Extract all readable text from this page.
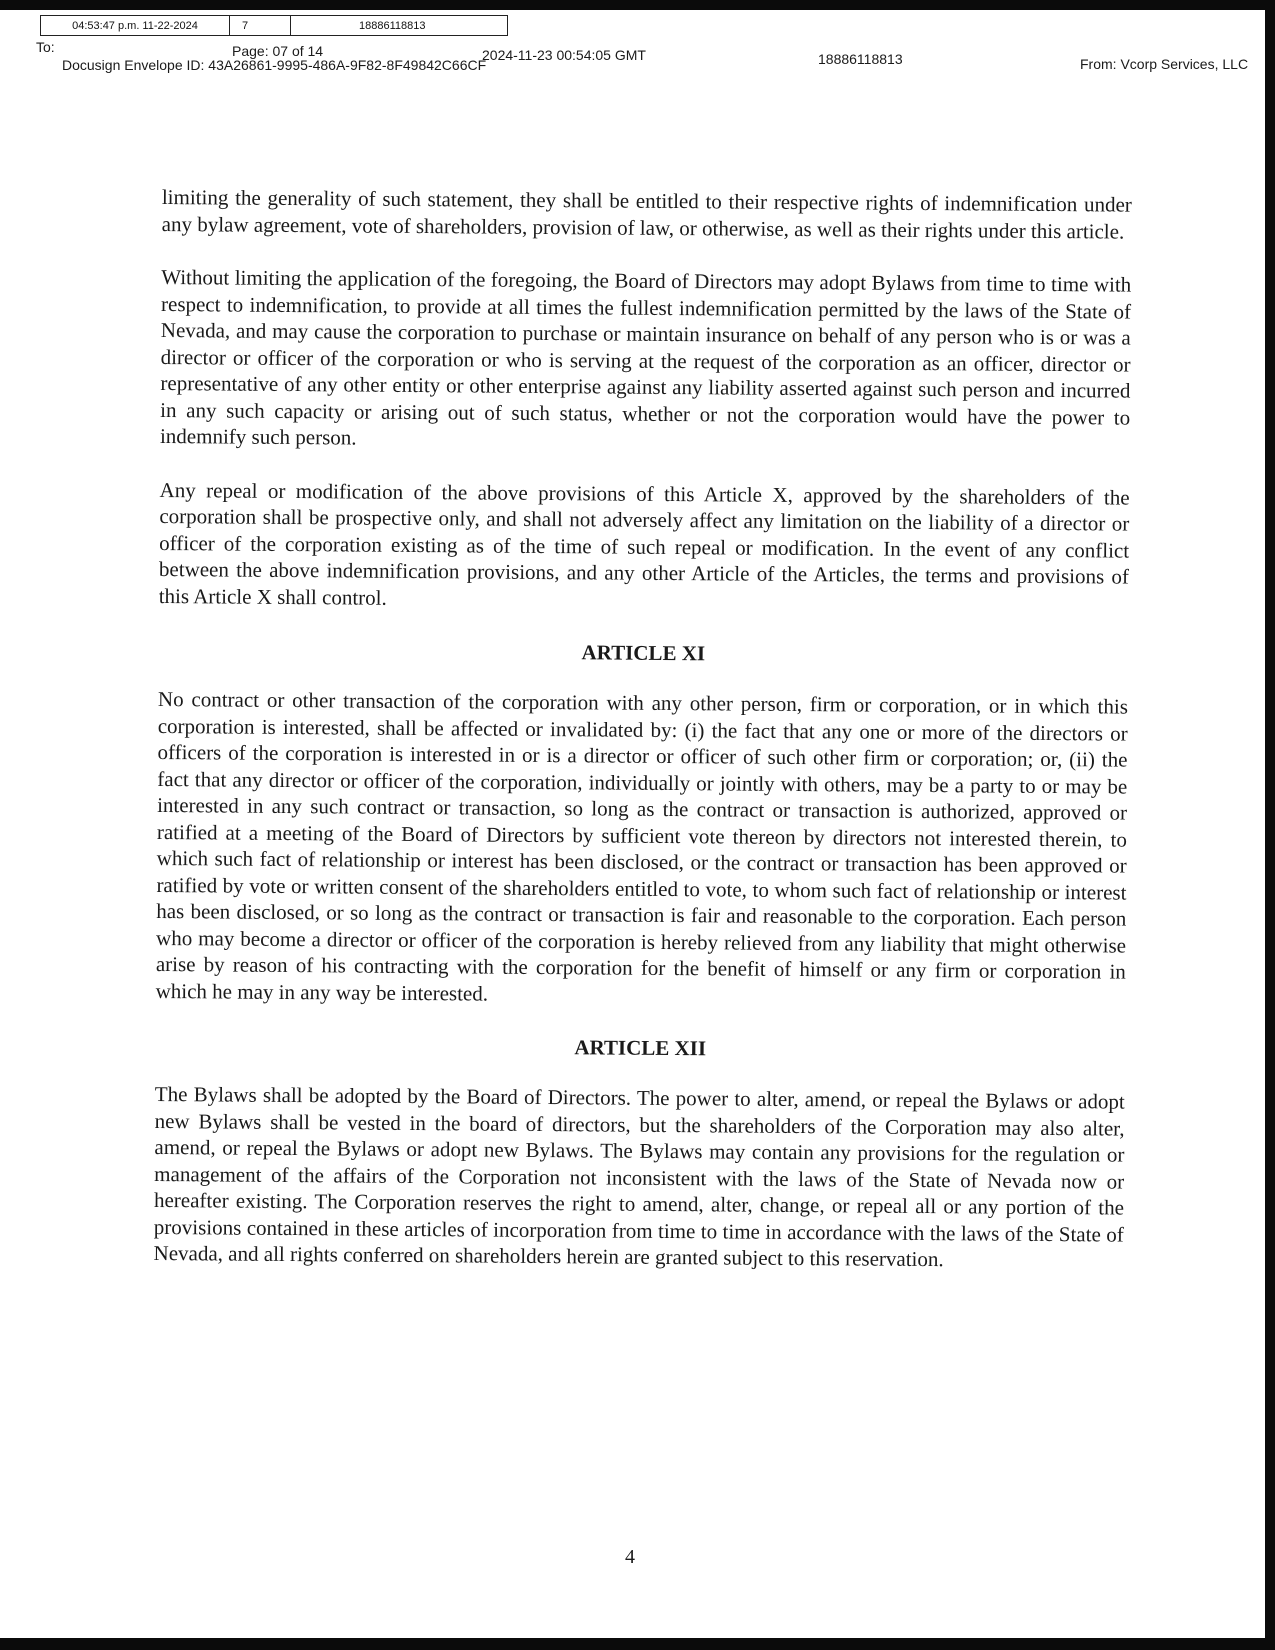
04:53:47 p.m. 11-22-2024	7	18886118813
To:	Page: 07 of 14	2024-11-23 00:54:05 GMT
Docusign Envelope ID: 43A26861-9995-486A-9F82-8F49842C66CF	18886118813	From: Vcorp Services, LLC

limiting the generality of such statement, they shall be entitled to their respective rights of indemnification under any bylaw agreement, vote of shareholders, provision of law, or otherwise, as well as their rights under this article.

Without limiting the application of the foregoing, the Board of Directors may adopt Bylaws from time to time with respect to indemnification, to provide at all times the fullest indemnification permitted by the laws of the State of Nevada, and may cause the corporation to purchase or maintain insurance on behalf of any person who is or was a director or officer of the corporation or who is serving at the request of the corporation as an officer, director or representative of any other entity or other enterprise against any liability asserted against such person and incurred in any such capacity or arising out of such status, whether or not the corporation would have the power to indemnify such person.

Any repeal or modification of the above provisions of this Article X, approved by the shareholders of the corporation shall be prospective only, and shall not adversely affect any limitation on the liability of a director or officer of the corporation existing as of the time of such repeal or modification. In the event of any conflict between the above indemnification provisions, and any other Article of the Articles, the terms and provisions of this Article X shall control.

ARTICLE XI

No contract or other transaction of the corporation with any other person, firm or corporation, or in which this corporation is interested, shall be affected or invalidated by: (i) the fact that any one or more of the directors or officers of the corporation is interested in or is a director or officer of such other firm or corporation; or, (ii) the fact that any director or officer of the corporation, individually or jointly with others, may be a party to or may be interested in any such contract or transaction, so long as the contract or transaction is authorized, approved or ratified at a meeting of the Board of Directors by sufficient vote thereon by directors not interested therein, to which such fact of relationship or interest has been disclosed, or the contract or transaction has been approved or ratified by vote or written consent of the shareholders entitled to vote, to whom such fact of relationship or interest has been disclosed, or so long as the contract or transaction is fair and reasonable to the corporation. Each person who may become a director or officer of the corporation is hereby relieved from any liability that might otherwise arise by reason of his contracting with the corporation for the benefit of himself or any firm or corporation in which he may in any way be interested.

ARTICLE XII

The Bylaws shall be adopted by the Board of Directors. The power to alter, amend, or repeal the Bylaws or adopt new Bylaws shall be vested in the board of directors, but the shareholders of the Corporation may also alter, amend, or repeal the Bylaws or adopt new Bylaws. The Bylaws may contain any provisions for the regulation or management of the affairs of the Corporation not inconsistent with the laws of the State of Nevada now or hereafter existing. The Corporation reserves the right to amend, alter, change, or repeal all or any portion of the provisions contained in these articles of incorporation from time to time in accordance with the laws of the State of Nevada, and all rights conferred on shareholders herein are granted subject to this reservation.

4
